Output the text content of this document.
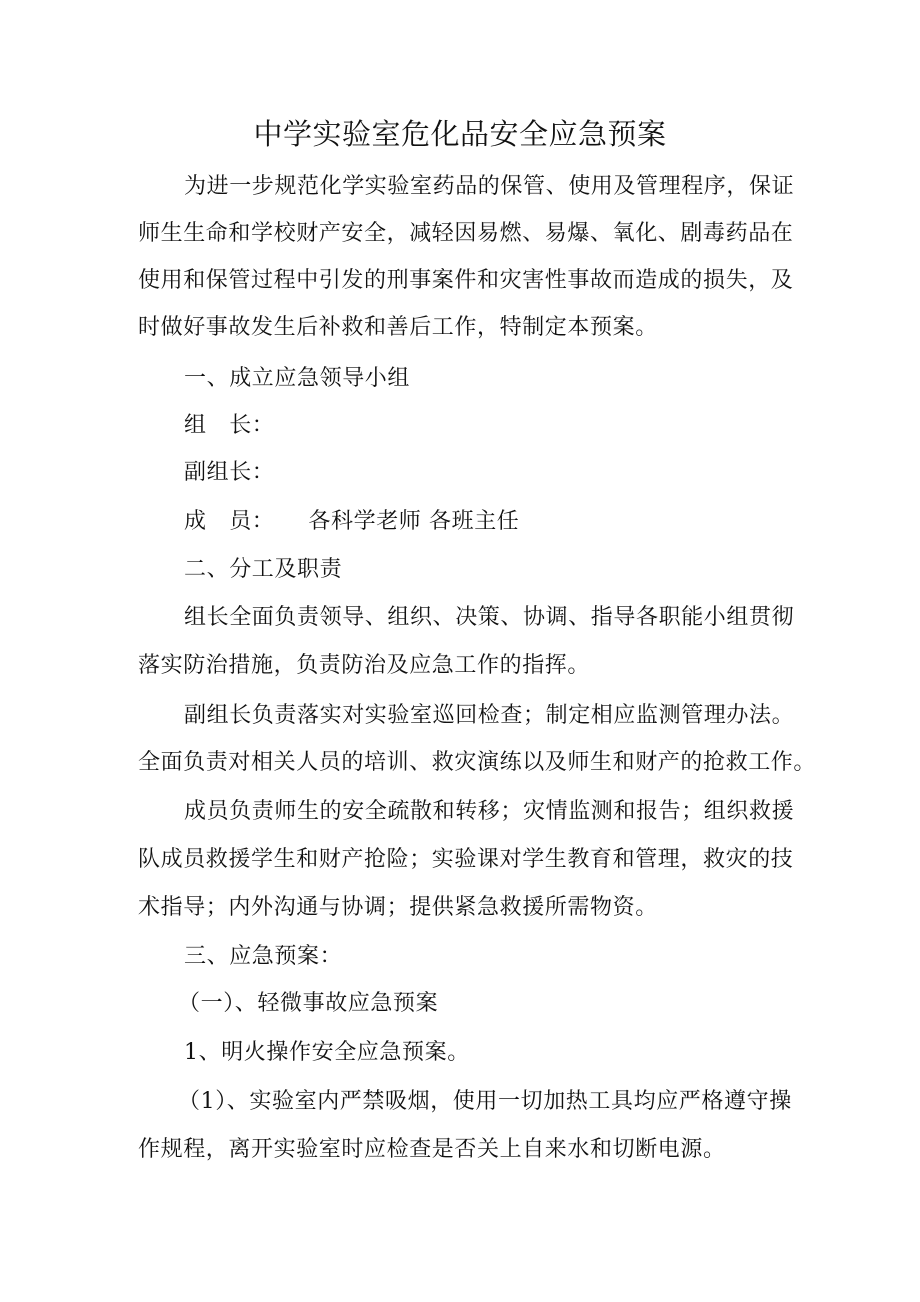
中学实验室危化品安全应急预案
为进一步规范化学实验室药品的保管、使用及管理程序，保证
师生生命和学校财产安全，减轻因易燃、易爆、氧化、剧毒药品在
使用和保管过程中引发的刑事案件和灾害性事故而造成的损失，及
时做好事故发生后补救和善后工作，特制定本预案。
一、成立应急领导小组
组　长：
副组长：
成　员： 各科学老师 各班主任
二、分工及职责
组长全面负责领导、组织、决策、协调、指导各职能小组贯彻
落实防治措施，负责防治及应急工作的指挥。
副组长负责落实对实验室巡回检查；制定相应监测管理办法。
全面负责对相关人员的培训、救灾演练以及师生和财产的抢救工作。
成员负责师生的安全疏散和转移；灾情监测和报告；组织救援
队成员救援学生和财产抢险；实验课对学生教育和管理，救灾的技
术指导；内外沟通与协调；提供紧急救援所需物资。
三、应急预案：
（一）、轻微事故应急预案
1、明火操作安全应急预案。
（1）、实验室内严禁吸烟，使用一切加热工具均应严格遵守操
作规程，离开实验室时应检查是否关上自来水和切断电源。
